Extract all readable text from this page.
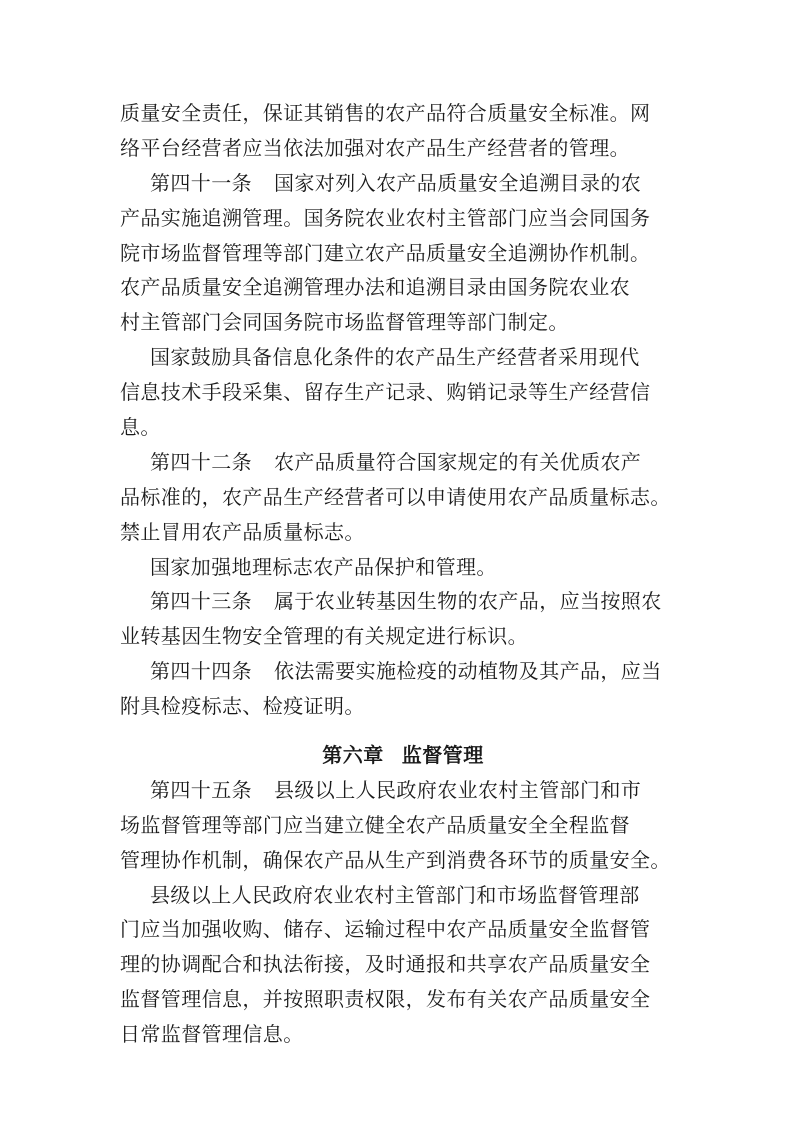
质量安全责任，保证其销售的农产品符合质量安全标准。网
络平台经营者应当依法加强对农产品生产经营者的管理。
第四十一条 国家对列入农产品质量安全追溯目录的农
产品实施追溯管理。国务院农业农村主管部门应当会同国务
院市场监督管理等部门建立农产品质量安全追溯协作机制。
农产品质量安全追溯管理办法和追溯目录由国务院农业农
村主管部门会同国务院市场监督管理等部门制定。
国家鼓励具备信息化条件的农产品生产经营者采用现代
信息技术手段采集、留存生产记录、购销记录等生产经营信
息。
第四十二条 农产品质量符合国家规定的有关优质农产
品标准的，农产品生产经营者可以申请使用农产品质量标志。
禁止冒用农产品质量标志。
国家加强地理标志农产品保护和管理。
第四十三条 属于农业转基因生物的农产品，应当按照农
业转基因生物安全管理的有关规定进行标识。
第四十四条 依法需要实施检疫的动植物及其产品，应当
附具检疫标志、检疫证明。
第六章 监督管理
第四十五条 县级以上人民政府农业农村主管部门和市
场监督管理等部门应当建立健全农产品质量安全全程监督
管理协作机制，确保农产品从生产到消费各环节的质量安全。
县级以上人民政府农业农村主管部门和市场监督管理部
门应当加强收购、储存、运输过程中农产品质量安全监督管
理的协调配合和执法衔接，及时通报和共享农产品质量安全
监督管理信息，并按照职责权限，发布有关农产品质量安全
日常监督管理信息。
